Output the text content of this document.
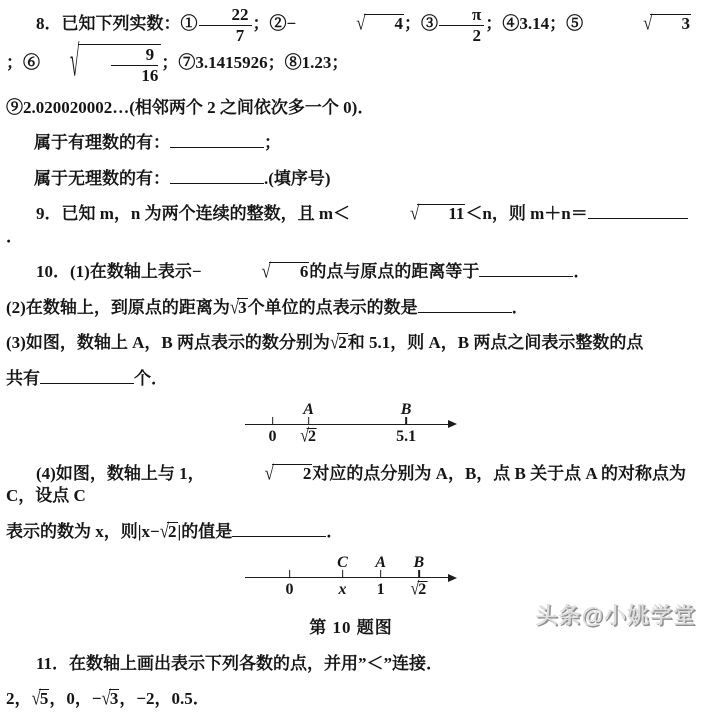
8．已知下列实数：① $\frac{22}{7}$ ；②−	√ 4；③ $\frac{\pi}{2}$ ；④3.14；⑤	√ 3；⑥	√ $\frac{9}{16}$ ；⑦3.1415926；⑧1.23；
⑨2.020020002…(相邻两个 2 之间依次多一个 0)．
属于有理数的有：	；
属于无理数的有：	.(填序号)
9．已知 m，n 为两个连续的整数，且 m＜	√ 11＜n，则 m＋n＝．
10．(1)在数轴上表示−	√ 6的点与原点的距离等于	．
(2)在数轴上，到原点的距离为√3个单位的点表示的数是	．
(3)如图，数轴上 A，B 两点表示的数分别为√2和 5.1，则 A，B 两点之间表示整数的点
共有	个．
0
A
√2
B
5.1
(4)如图，数轴上与 1，	√ 2对应的点分别为 A，B，点 B 关于点 A 的对称点为 C，设点 C
表示的数为 x，则|x−√2|的值是	．
0
C
x
A
1
B
√2
第 10 题图
11．在数轴上画出表示下列各数的点，并用”＜”连接．
2，√5，0，−√3，−2，0.5．
头条@小姚学堂
